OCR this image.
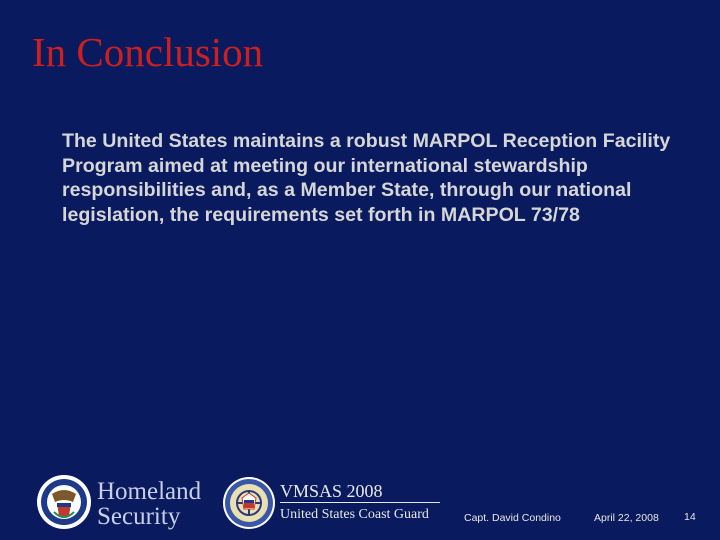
In Conclusion
The United States maintains a robust MARPOL Reception Facility Program aimed at meeting our international stewardship responsibilities and, as a Member State, through our national legislation, the requirements set forth in MARPOL 73/78
Homeland
Security
VMSAS 2008
United States Coast Guard	Capt. David Condino	April 22, 2008 14
